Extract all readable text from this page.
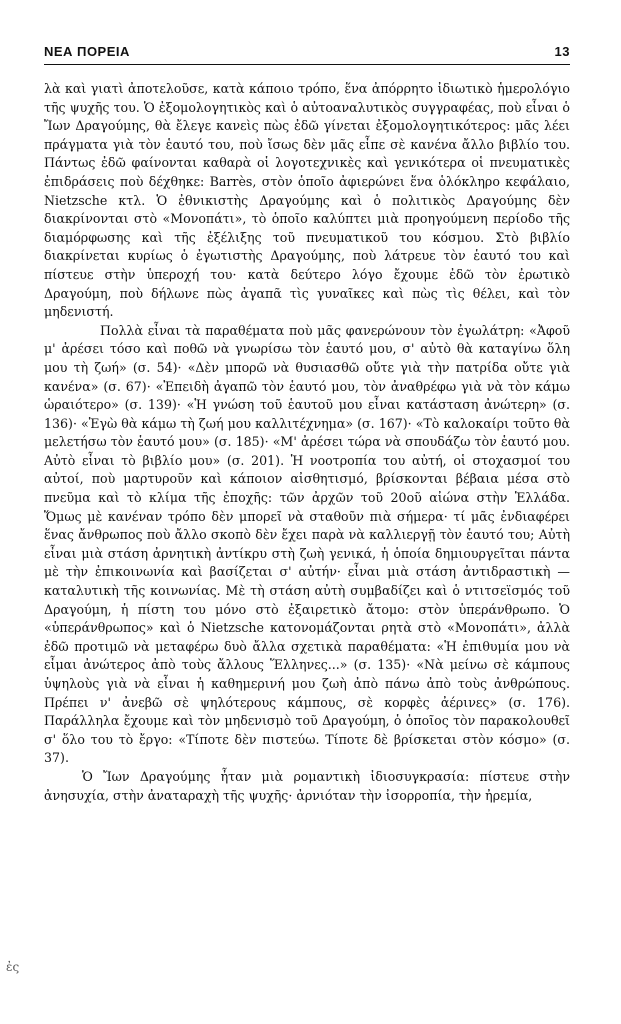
ΝΕΑ ΠΟΡΕΙΑ	13

λὰ καὶ γιατὶ ἀποτελοῦσε, κατὰ κάποιο τρόπο, ἕνα ἀπόρρητο ἰδιωτικὸ ἡμερολόγιο τῆς ψυχῆς του. Ὁ ἐξομολογητικὸς καὶ ὁ αὐτοαναλυτικὸς συγγραφέας, ποὺ εἶναι ὁ Ἴων Δραγούμης, θὰ ἔλεγε κανεὶς πὼς ἐδῶ γίνεται ἐξομολογητικότερος: μᾶς λέει πράγματα γιὰ τὸν ἑαυτό του, ποὺ ἴσως δὲν μᾶς εἶπε σὲ κανένα ἄλλο βιβλίο του. Πάντως ἐδῶ φαίνονται καθαρὰ οἱ λογοτεχνικὲς καὶ γενικότερα οἱ πνευματικὲς ἐπιδράσεις ποὺ δέχθηκε: Barrès, στὸν ὁποῖο ἀφιερώνει ἕνα ὁλόκληρο κεφάλαιο, Nietzsche κτλ. Ὁ ἐθνικιστὴς Δραγούμης καὶ ὁ πολιτικὸς Δραγούμης δὲν διακρίνονται στὸ «Μονοπάτι», τὸ ὁποῖο καλύπτει μιὰ προηγούμενη περίοδο τῆς διαμόρφωσης καὶ τῆς ἐξέλιξης τοῦ πνευματικοῦ του κόσμου. Στὸ βιβλίο διακρίνεται κυρίως ὁ ἐγωτιστὴς Δραγούμης, ποὺ λάτρευε τὸν ἑαυτό του καὶ πίστευε στὴν ὑπεροχή του· κατὰ δεύτερο λόγο ἔχουμε ἐδῶ τὸν ἐρωτικὸ Δραγούμη, ποὺ δήλωνε πὼς ἀγαπᾶ τὶς γυναῖκες καὶ πὼς τὶς θέλει, καὶ τὸν μηδενιστή.

Πολλὰ εἶναι τὰ παραθέματα ποὺ μᾶς φανερώνουν τὸν ἐγωλάτρη: «Ἀφοῦ μ' ἀρέσει τόσο καὶ ποθῶ νὰ γνωρίσω τὸν ἑαυτό μου, σ' αὐτὸ θὰ καταγίνω ὅλη μου τὴ ζωή» (σ. 54)· «Δὲν μπορῶ νὰ θυσιασθῶ οὔτε γιὰ τὴν πατρίδα οὔτε γιὰ κανένα» (σ. 67)· «Ἐπειδὴ ἀγαπῶ τὸν ἑαυτό μου, τὸν ἀναθρέφω γιὰ νὰ τὸν κάμω ὡραιότερο» (σ. 139)· «Ἡ γνώση τοῦ ἑαυτοῦ μου εἶναι κατάσταση ἀνώτερη» (σ. 136)· «Ἐγὼ θὰ κάμω τὴ ζωή μου καλλιτέχνημα» (σ. 167)· «Τὸ καλοκαίρι τοῦτο θὰ μελετήσω τὸν ἑαυτό μου» (σ. 185)· «Μ' ἀρέσει τώρα νὰ σπουδάζω τὸν ἑαυτό μου. Αὐτὸ εἶναι τὸ βιβλίο μου» (σ. 201). Ἡ νοοτροπία του αὐτή, οἱ στοχασμοί του αὐτοί, ποὺ μαρτυροῦν καὶ κάποιον αἰσθητισμό, βρίσκονται βέβαια μέσα στὸ πνεῦμα καὶ τὸ κλίμα τῆς ἐποχῆς: τῶν ἀρχῶν τοῦ 20οῦ αἰώνα στὴν Ἑλλάδα. Ὅμως μὲ κανέναν τρόπο δὲν μπορεῖ νὰ σταθοῦν πιὰ σήμερα· τί μᾶς ἐνδιαφέρει ἕνας ἄνθρωπος ποὺ ἄλλο σκοπὸ δὲν ἔχει παρὰ νὰ καλλιεργῇ τὸν ἑαυτό του; Αὐτὴ εἶναι μιὰ στάση ἀρνητικὴ ἀντίκρυ στὴ ζωὴ γενικά, ἡ ὁποία δημιουργεῖται πάντα μὲ τὴν ἐπικοινωνία καὶ βασίζεται σ' αὐτήν· εἶναι μιὰ στάση ἀντιδραστικὴ — καταλυτικὴ τῆς κοινωνίας. Μὲ τὴ στάση αὐτὴ συμβαδίζει καὶ ὁ ντιτσεϊσμός τοῦ Δραγούμη, ἡ πίστη του μόνο στὸ ἐξαιρετικὸ ἄτομο: στὸν ὑπεράνθρωπο. Ὁ «ὑπεράνθρωπος» καὶ ὁ Nietzsche κατονομάζονται ρητὰ στὸ «Μονοπάτι», ἀλλὰ ἐδῶ προτιμῶ νὰ μεταφέρω δυὸ ἄλλα σχετικὰ παραθέματα: «Ἡ ἐπιθυμία μου νὰ εἶμαι ἀνώτερος ἀπὸ τοὺς ἄλλους Ἕλληνες...» (σ. 135)· «Νὰ μείνω σὲ κάμπους ὑψηλοὺς γιὰ νὰ εἶναι ἡ καθημερινή μου ζωὴ ἀπὸ πάνω ἀπὸ τοὺς ἀνθρώπους. Πρέπει ν' ἀνεβῶ σὲ ψηλότερους κάμπους, σὲ κορφὲς ἀέρινες» (σ. 176). Παράλληλα ἔχουμε καὶ τὸν μηδενισμὸ τοῦ Δραγούμη, ὁ ὁποῖος τὸν παρακολουθεῖ σ' ὅλο του τὸ ἔργο: «Τίποτε δὲν πιστεύω. Τίποτε δὲ βρίσκεται στὸν κόσμο» (σ. 37).

Ὁ Ἴων Δραγούμης ἦταν μιὰ ρομαντικὴ ἰδιοσυγκρασία: πίστευε στὴν ἀνησυχία, στὴν ἀναταραχὴ τῆς ψυχῆς· ἀρνιόταν τὴν ἰσορροπία, τὴν ἠρεμία,

ἐς
